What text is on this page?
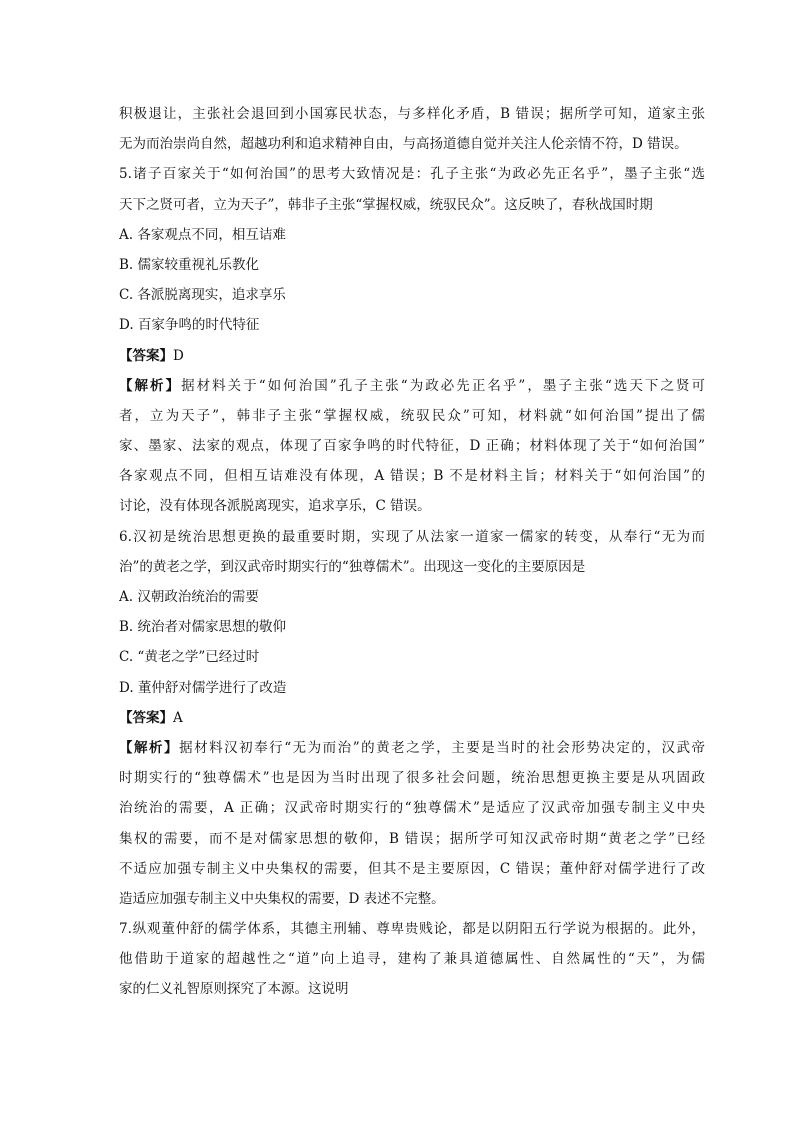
积极退让，主张社会退回到小国寡民状态，与多样化矛盾，B 错误；据所学可知，道家主张
无为而治崇尚自然，超越功利和追求精神自由，与高扬道德自觉并关注人伦亲情不符，D 错误。
5.诸子百家关于“如何治国”的思考大致情况是：孔子主张“为政必先正名乎”，墨子主张“选
天下之贤可者，立为天子”，韩非子主张“掌握权威，统驭民众”。这反映了，春秋战国时期
A. 各家观点不同，相互诘难
B. 儒家较重视礼乐教化
C. 各派脱离现实，追求享乐
D. 百家争鸣的时代特征
【答案】D
【解析】据材料关于“如何治国”孔子主张“为政必先正名乎”，墨子主张“选天下之贤可
者，立为天子”，韩非子主张“掌握权威，统驭民众”可知，材料就“如何治国”提出了儒
家、墨家、法家的观点，体现了百家争鸣的时代特征，D 正确；材料体现了关于“如何治国”
各家观点不同，但相互诘难没有体现，A 错误；B 不是材料主旨；材料关于“如何治国”的
讨论，没有体现各派脱离现实，追求享乐，C 错误。
6.汉初是统治思想更换的最重要时期，实现了从法家一道家一儒家的转变，从奉行“无为而
治”的黄老之学，到汉武帝时期实行的“独尊儒术”。出现这一变化的主要原因是
A. 汉朝政治统治的需要
B. 统治者对儒家思想的敬仰
C. “黄老之学”已经过时
D. 董仲舒对儒学进行了改造
【答案】A
【解析】据材料汉初奉行“无为而治”的黄老之学，主要是当时的社会形势决定的，汉武帝
时期实行的“独尊儒术”也是因为当时出现了很多社会问题，统治思想更换主要是从巩固政
治统治的需要，A 正确；汉武帝时期实行的“独尊儒术”是适应了汉武帝加强专制主义中央
集权的需要，而不是对儒家思想的敬仰，B 错误；据所学可知汉武帝时期“黄老之学”已经
不适应加强专制主义中央集权的需要，但其不是主要原因，C 错误；董仲舒对儒学进行了改
造适应加强专制主义中央集权的需要，D 表述不完整。
7.纵观董仲舒的儒学体系，其德主刑辅、尊卑贵贱论，都是以阴阳五行学说为根据的。此外，
他借助于道家的超越性之“道”向上追寻，建构了兼具道德属性、自然属性的“天”，为儒
家的仁义礼智原则探究了本源。这说明
